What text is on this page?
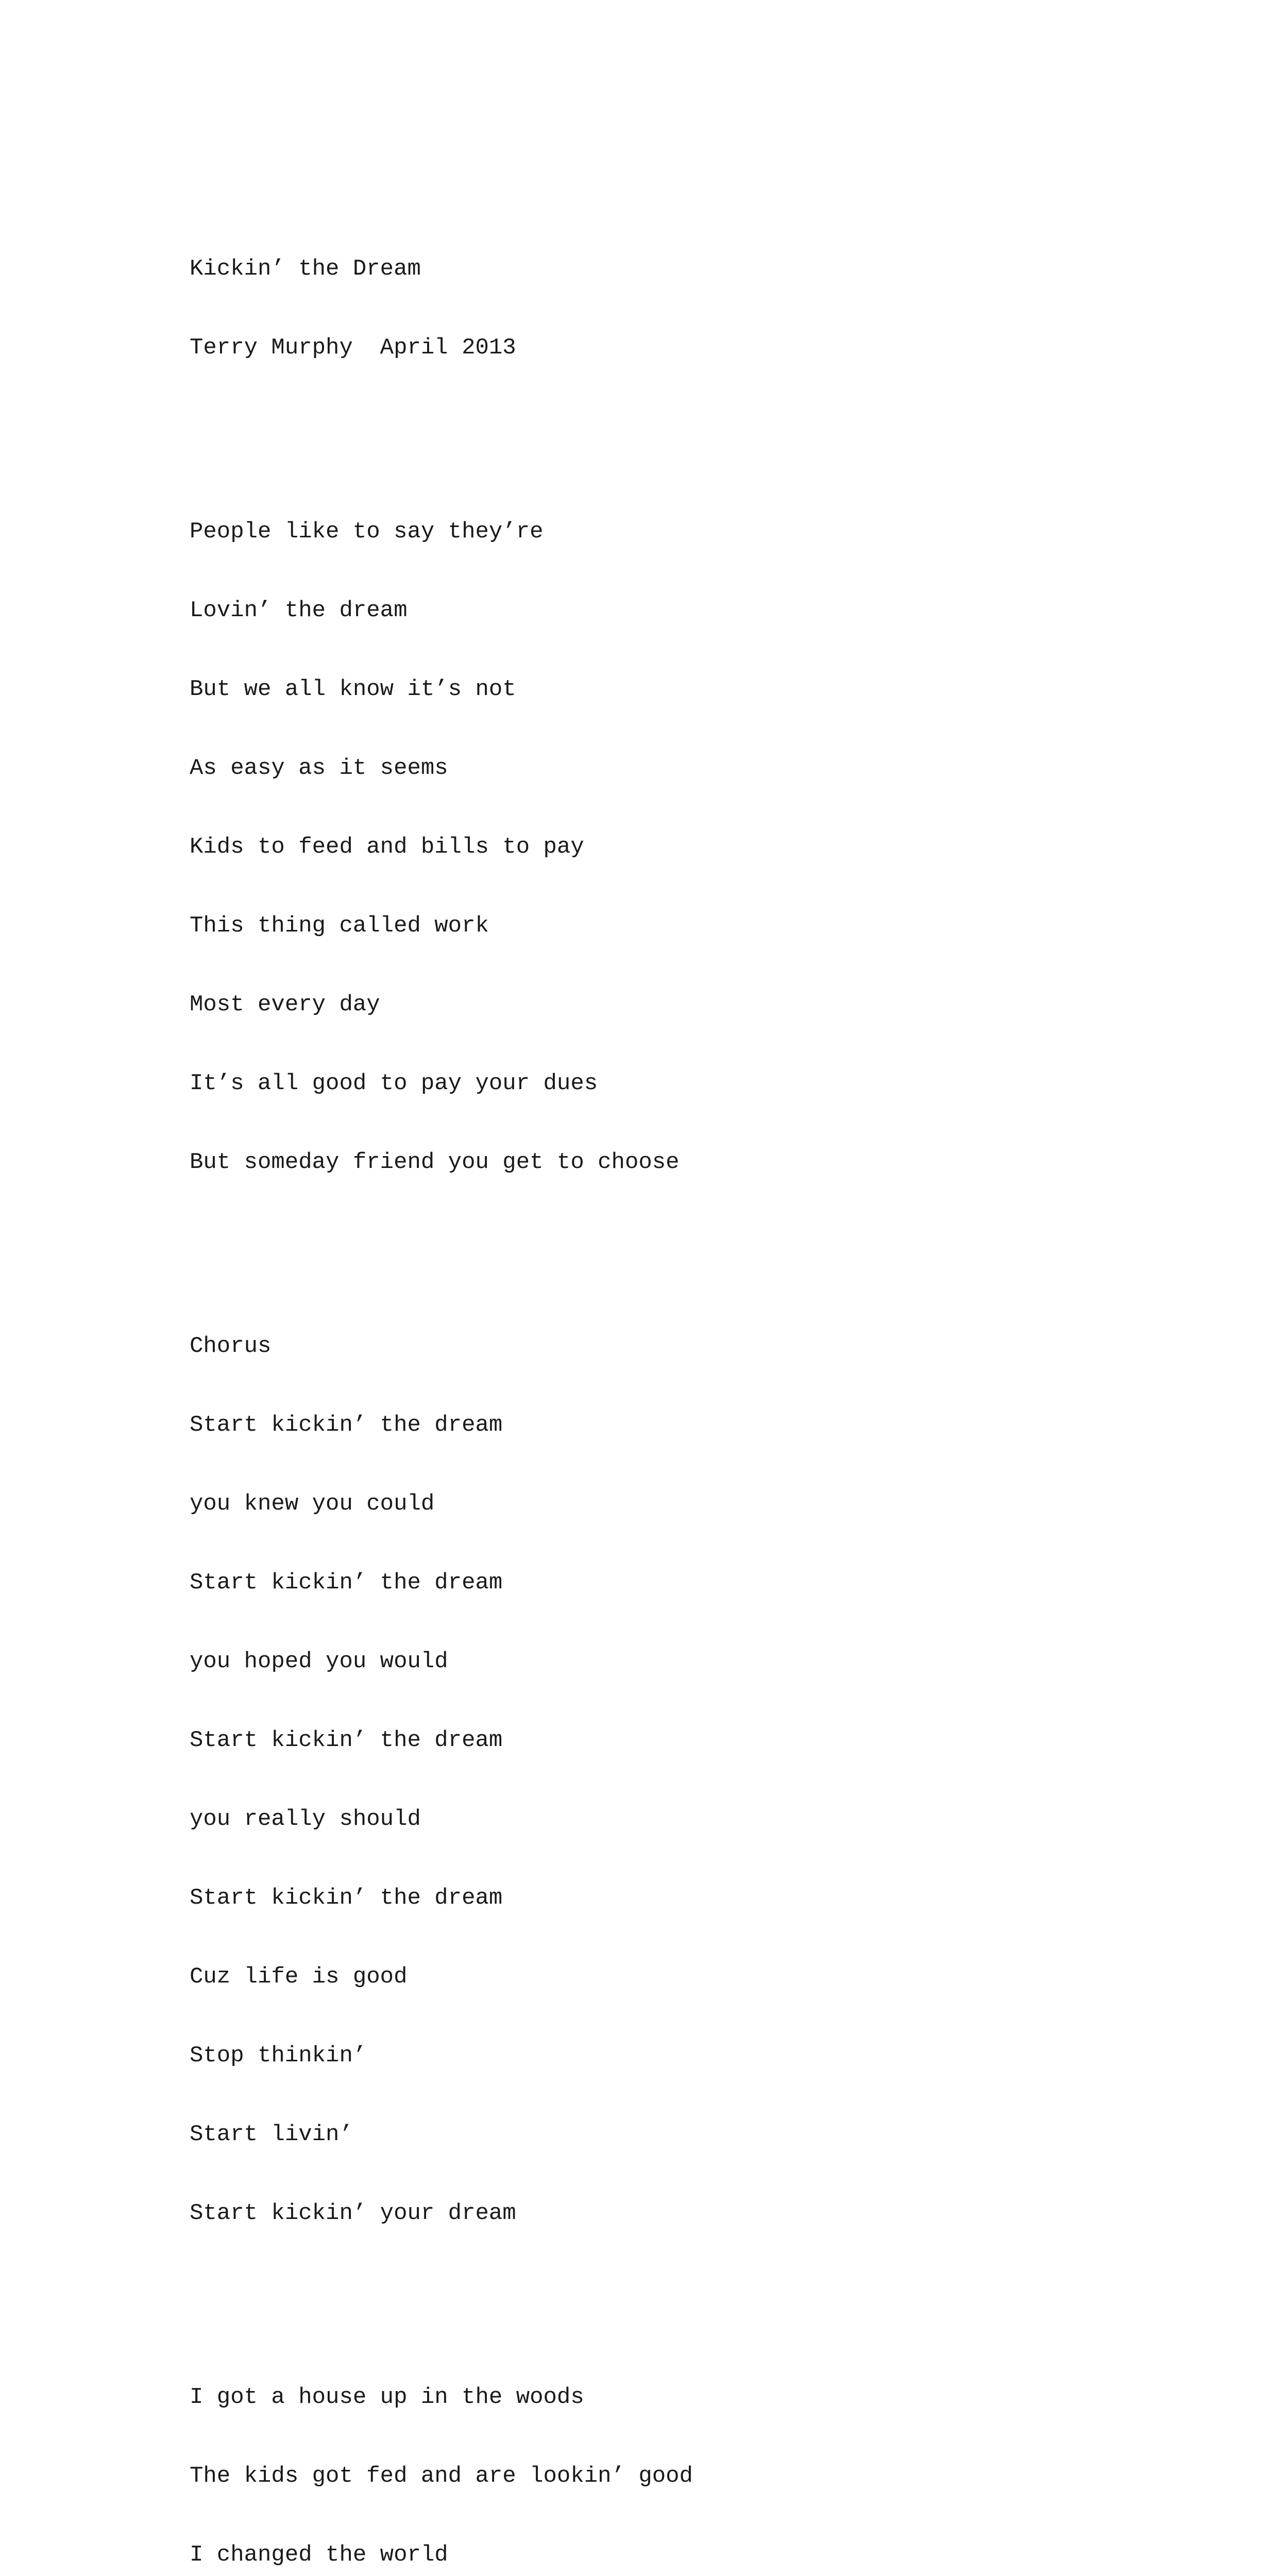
Kickin’ the Dream

Terry Murphy  April 2013

People like to say they’re

Lovin’ the dream

But we all know it’s not

As easy as it seems

Kids to feed and bills to pay

This thing called work

Most every day

It’s all good to pay your dues

But someday friend you get to choose

Chorus

Start kickin’ the dream

you knew you could

Start kickin’ the dream

you hoped you would

Start kickin’ the dream

you really should

Start kickin’ the dream

Cuz life is good

Stop thinkin’

Start livin’

Start kickin’ your dream

I got a house up in the woods

The kids got fed and are lookin’ good

I changed the world
